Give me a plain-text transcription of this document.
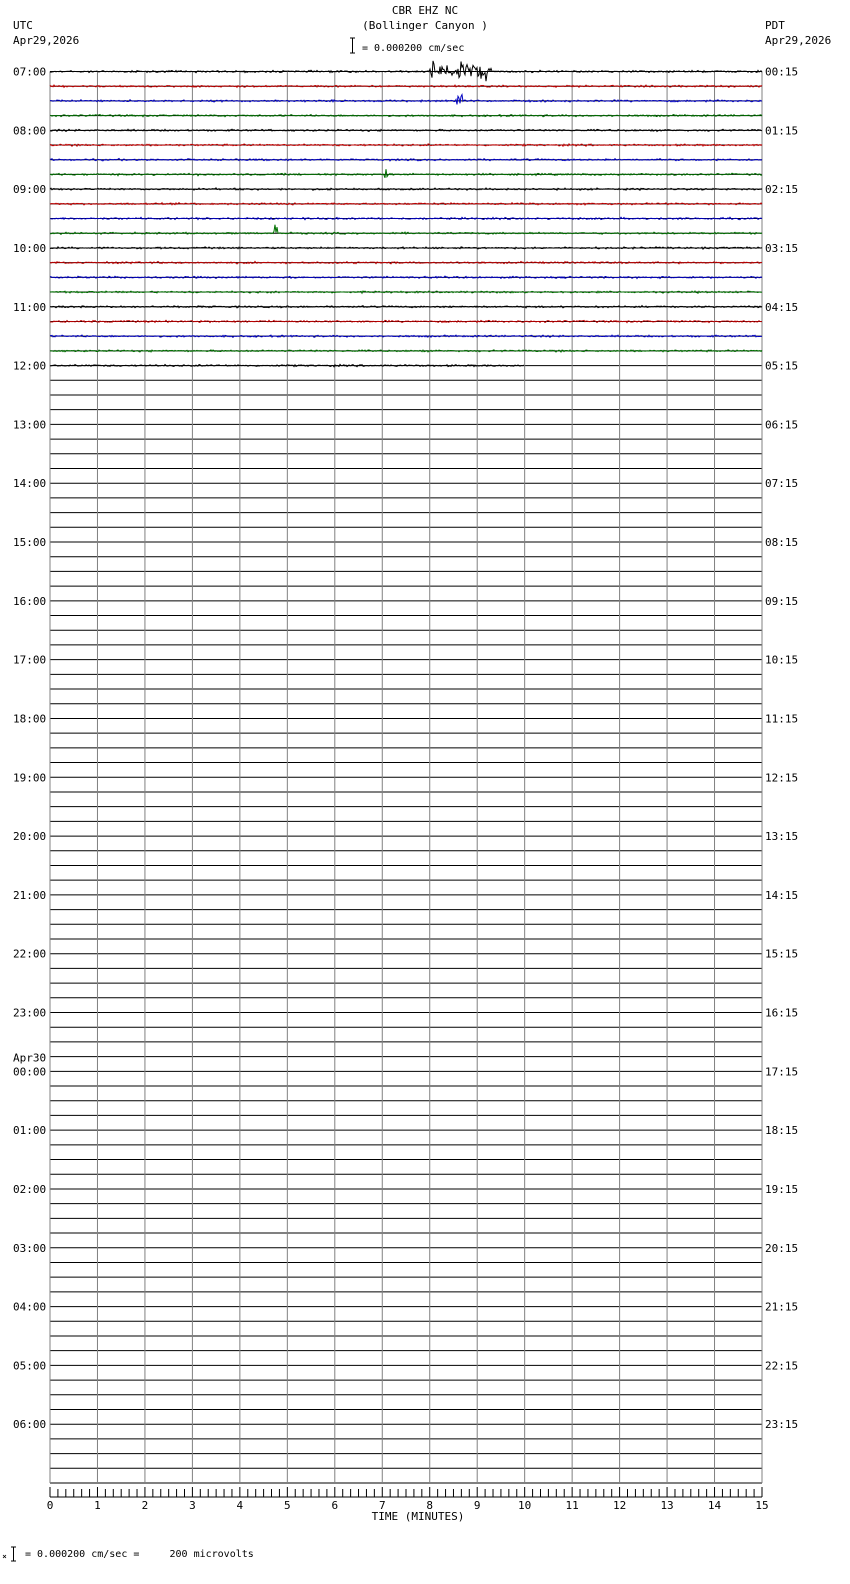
CBR EHZ NC
(Bollinger Canyon )
UTC
Apr29,2026
PDT
Apr29,2026
= 0.000200 cm/sec
= 0.000200 cm/sec =     200 microvolts
0	1	2	3	4	5	6	7	8	9	10	11	12	13	14	15
TIME (MINUTES)
07:00	00:15
08:00	01:15
09:00	02:15
10:00	03:15
11:00	04:15
12:00	05:15
13:00	06:15
14:00	07:15
15:00	08:15
16:00	09:15
17:00	10:15
18:00	11:15
19:00	12:15
20:00	13:15
21:00	14:15
22:00	15:15
23:00	16:15
00:00	17:15
01:00	18:15
02:00	19:15
03:00	20:15
04:00	21:15
05:00	22:15
06:00	23:15
Apr30
